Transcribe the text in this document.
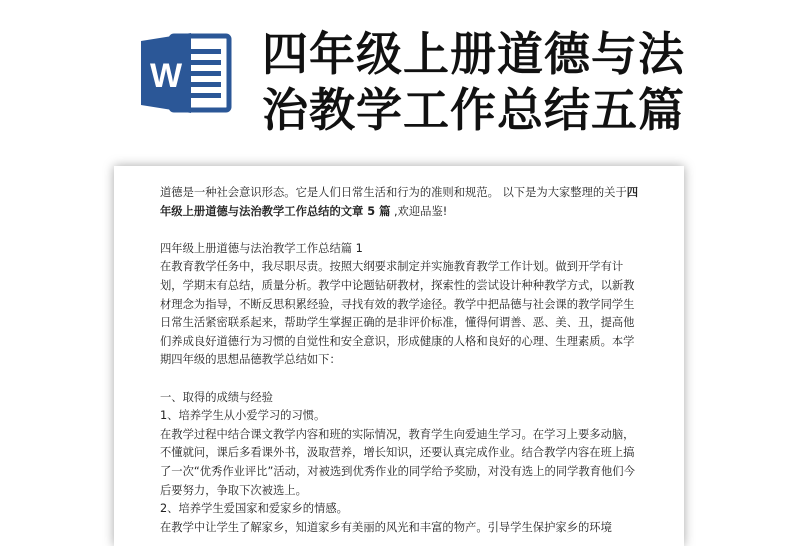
W 四年级上册道德与法
治教学工作总结五篇

道德是一种社会意识形态。它是人们日常生活和行为的准则和规范。 以下是为大家整理的关于四年级上册道德与法治教学工作总结的文章 5 篇 ,欢迎品鉴!

四年级上册道德与法治教学工作总结篇 1

在教育教学任务中，我尽职尽责。按照大纲要求制定并实施教育教学工作计划。做到开学有计划，学期末有总结，质量分析。教学中论题钻研教材，探索性的尝试设计种种教学方式，以新教材理念为指导，不断反思积累经验，寻找有效的教学途径。教学中把品德与社会课的教学同学生日常生活紧密联系起来，帮助学生掌握正确的是非评价标准，懂得何谓善、恶、美、丑，提高他们养成良好道德行为习惯的自觉性和安全意识，形成健康的人格和良好的心理、生理素质。本学期四年级的思想品德教学总结如下：

一、取得的成绩与经验

1、培养学生从小爱学习的习惯。

在教学过程中结合课文教学内容和班的实际情况，教育学生向爱迪生学习。在学习上要多动脑，不懂就问，课后多看课外书，汲取营养，增长知识，还要认真完成作业。结合教学内容在班上搞了一次“优秀作业评比”活动，对被选到优秀作业的同学给予奖励，对没有选上的同学教育他们今后要努力，争取下次被选上。

2、培养学生爱国家和爱家乡的情感。

在教学中让学生了解家乡，知道家乡有美丽的风光和丰富的物产。引导学生保护家乡的环境
